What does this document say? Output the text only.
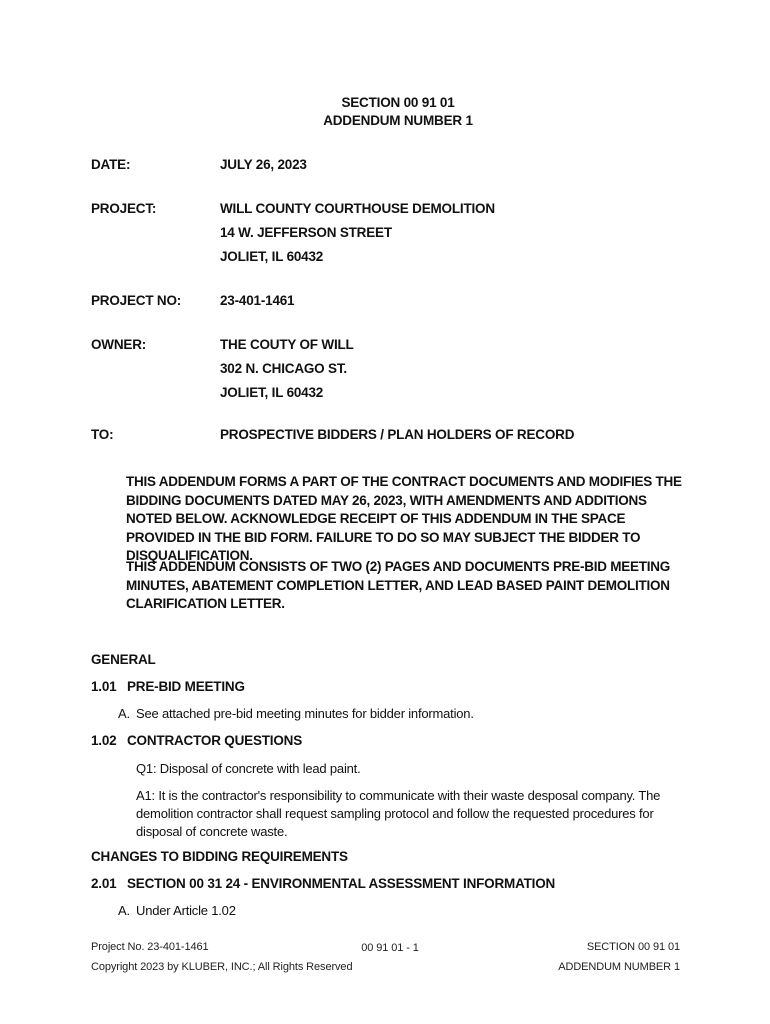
SECTION 00 91 01
ADDENDUM NUMBER 1
DATE:	JULY 26, 2023
PROJECT:	WILL COUNTY COURTHOUSE DEMOLITION
14 W. JEFFERSON STREET
JOLIET, IL 60432
PROJECT NO:	23-401-1461
OWNER:	THE COUTY OF WILL
302 N. CHICAGO ST.
JOLIET, IL 60432
TO:	PROSPECTIVE BIDDERS / PLAN HOLDERS OF RECORD
THIS ADDENDUM FORMS A PART OF THE CONTRACT DOCUMENTS AND MODIFIES THE BIDDING DOCUMENTS DATED MAY 26, 2023, WITH AMENDMENTS AND ADDITIONS NOTED BELOW. ACKNOWLEDGE RECEIPT OF THIS ADDENDUM IN THE SPACE PROVIDED IN THE BID FORM. FAILURE TO DO SO MAY SUBJECT THE BIDDER TO DISQUALIFICATION.
THIS ADDENDUM CONSISTS OF TWO (2) PAGES AND DOCUMENTS PRE-BID MEETING MINUTES, ABATEMENT COMPLETION LETTER, AND LEAD BASED PAINT DEMOLITION CLARIFICATION LETTER.
GENERAL
1.01 PRE-BID MEETING
A. See attached pre-bid meeting minutes for bidder information.
1.02 CONTRACTOR QUESTIONS
Q1: Disposal of concrete with lead paint.
A1: It is the contractor's responsibility to communicate with their waste desposal company. The demolition contractor shall request sampling protocol and follow the requested procedures for disposal of concrete waste.
CHANGES TO BIDDING REQUIREMENTS
2.01 SECTION 00 31 24 - ENVIRONMENTAL ASSESSMENT INFORMATION
A. Under Article 1.02
Project No. 23-401-1461
Copyright 2023 by KLUBER, INC.; All Rights Reserved
00 91 01 - 1	SECTION 00 91 01
ADDENDUM NUMBER 1
